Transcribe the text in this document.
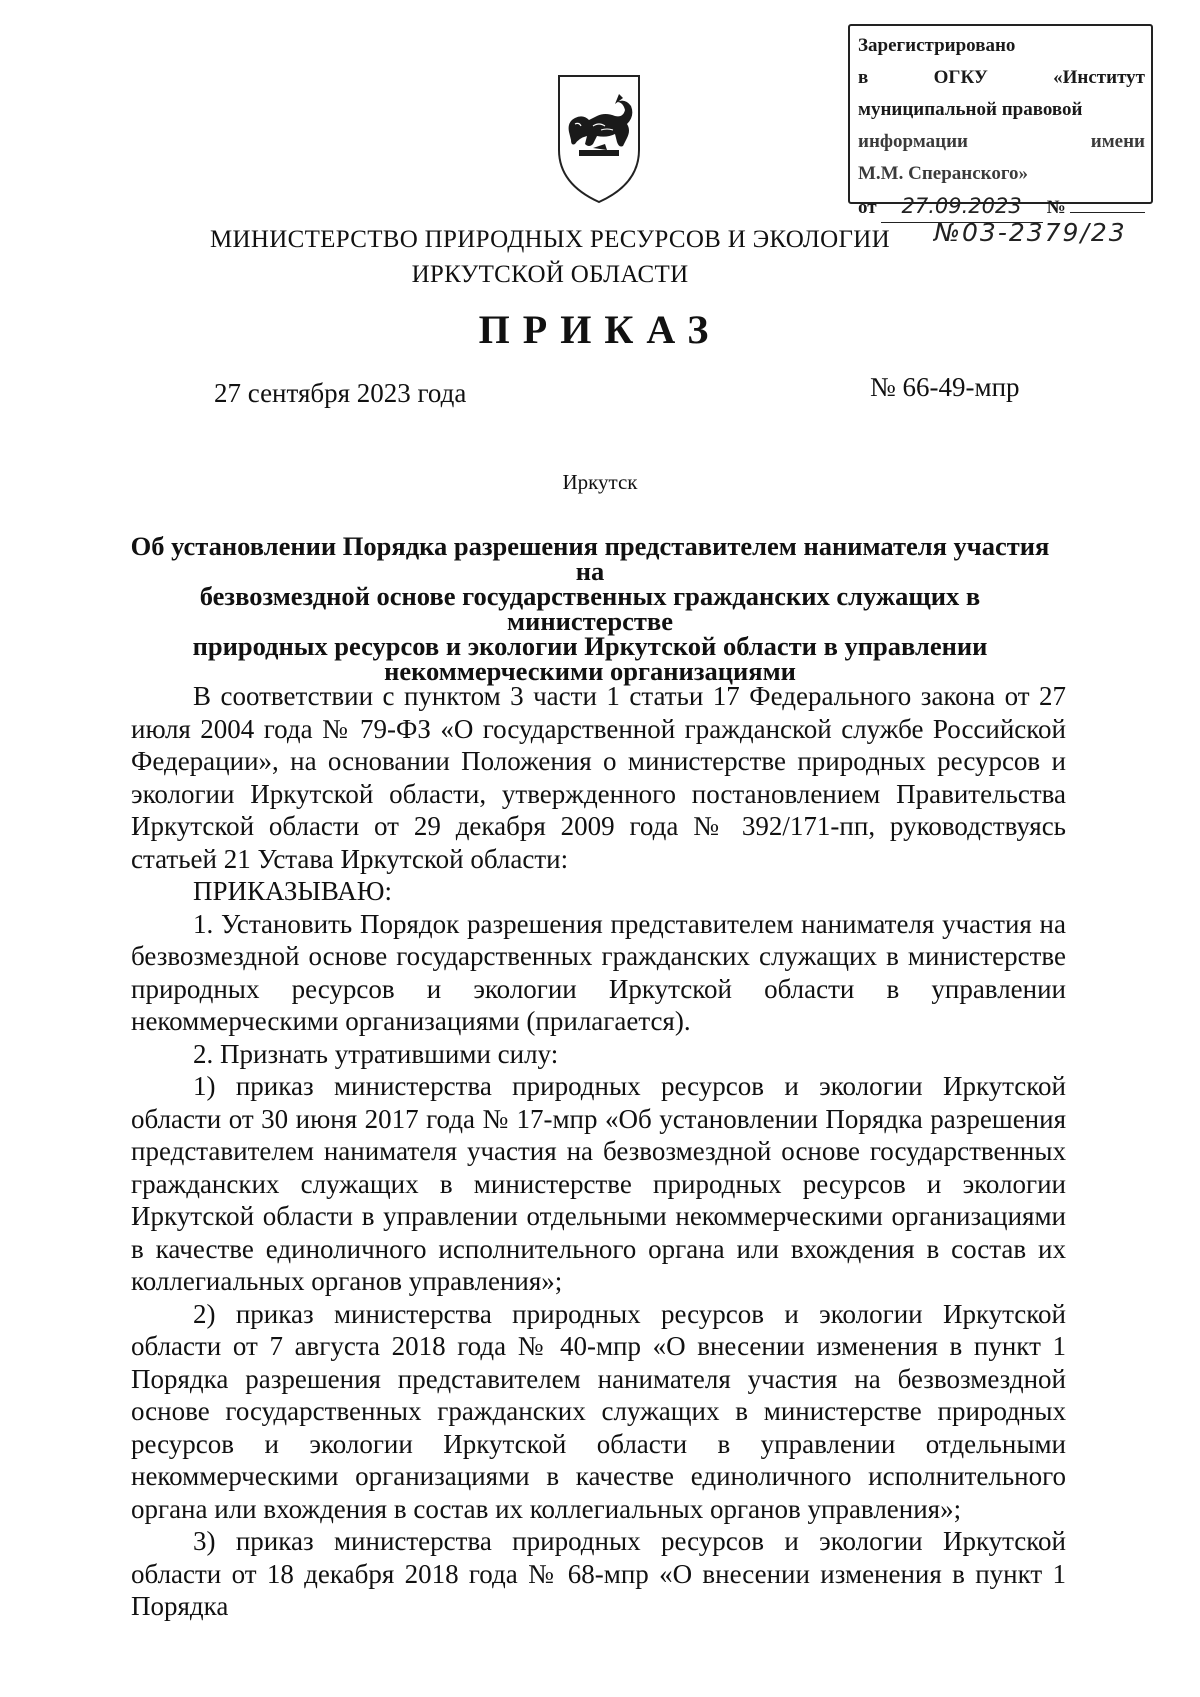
Зарегистрировано
в	ОГКУ	«Институт
муниципальной правовой
информации	имени
М.М. Сперанского»
от	27.09.2023	№
МИНИСТЕРСТВО ПРИРОДНЫХ РЕСУРСОВ И ЭКОЛОГИИ
ИРКУТСКОЙ ОБЛАСТИ
№03-2379/23
ПРИКАЗ
27 сентября 2023 года	№ 66-49-мпр
Иркутск
Об установлении Порядка разрешения представителем нанимателя участия на
безвозмездной основе государственных гражданских служащих в министерстве
природных ресурсов и экологии Иркутской области в управлении
некоммерческими организациями

В соответствии с пунктом 3 части 1 статьи 17 Федерального закона от 27 июля 2004 года № 79-ФЗ «О государственной гражданской службе Российской Федерации», на основании Положения о министерстве природных ресурсов и экологии Иркутской области, утвержденного постановлением Правительства Иркутской области от 29 декабря 2009 года № 392/171-пп, руководствуясь статьей 21 Устава Иркутской области:

ПРИКАЗЫВАЮ:

1. Установить Порядок разрешения представителем нанимателя участия на безвозмездной основе государственных гражданских служащих в министерстве природных ресурсов и экологии Иркутской области в управлении некоммерческими организациями (прилагается).

2. Признать утратившими силу:

1) приказ министерства природных ресурсов и экологии Иркутской области от 30 июня 2017 года № 17-мпр «Об установлении Порядка разрешения представителем нанимателя участия на безвозмездной основе государственных гражданских служащих в министерстве природных ресурсов и экологии Иркутской области в управлении отдельными некоммерческими организациями в качестве единоличного исполнительного органа или вхождения в состав их коллегиальных органов управления»;

2) приказ министерства природных ресурсов и экологии Иркутской области от 7 августа 2018 года № 40-мпр «О внесении изменения в пункт 1 Порядка разрешения представителем нанимателя участия на безвозмездной основе государственных гражданских служащих в министерстве природных ресурсов и экологии Иркутской области в управлении отдельными некоммерческими организациями в качестве единоличного исполнительного органа или вхождения в состав их коллегиальных органов управления»;

3) приказ министерства природных ресурсов и экологии Иркутской области от 18 декабря 2018 года № 68-мпр «О внесении изменения в пункт 1 Порядка
